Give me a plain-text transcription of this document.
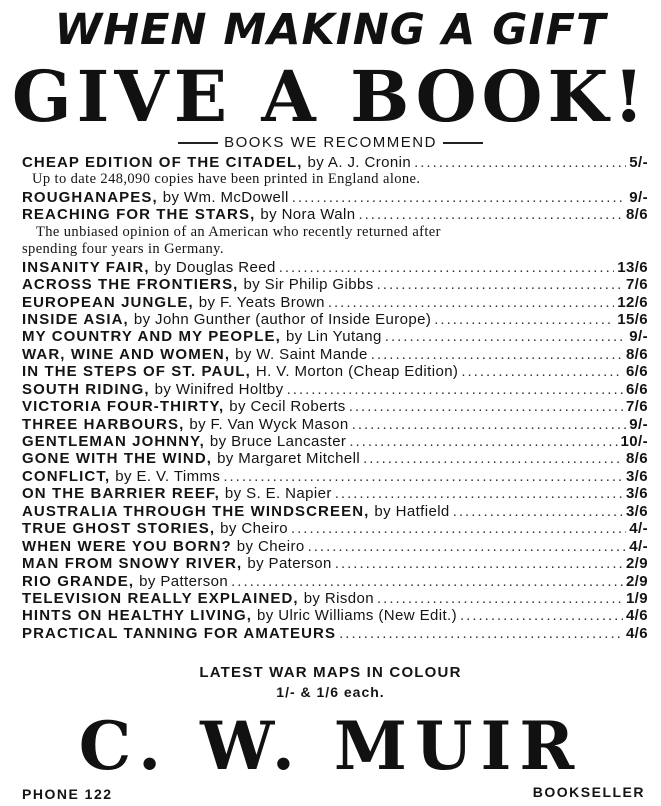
WHEN MAKING A GIFT
GIVE A BOOK!
BOOKS WE RECOMMEND
CHEAP EDITION OF THE CITADEL, by A. J. Cronin .....	5/-
Up to date 248,090 copies have been printed in England alone.
ROUGHANAPES, by Wm. McDowell .....	9/-
REACHING FOR THE STARS, by Nora Waln .....	8/6
The unbiased opinion of an American who recently returned after
spending four years in Germany.
INSANITY FAIR, by Douglas Reed .....	13/6
ACROSS THE FRONTIERS, by Sir Philip Gibbs .....	7/6
EUROPEAN JUNGLE, by F. Yeats Brown .....	12/6
INSIDE ASIA, by John Gunther (author of Inside Europe) .....	15/6
MY COUNTRY AND MY PEOPLE, by Lin Yutang .....	9/-
WAR, WINE AND WOMEN, by W. Saint Mande .....	8/6
IN THE STEPS OF ST. PAUL, H. V. Morton (Cheap Edition) .....	6/6
SOUTH RIDING, by Winifred Holtby .....	6/6
VICTORIA FOUR-THIRTY, by Cecil Roberts .....	7/6
THREE HARBOURS, by F. Van Wyck Mason .....	9/-
GENTLEMAN JOHNNY, by Bruce Lancaster .....	10/-
GONE WITH THE WIND, by Margaret Mitchell .....	8/6
CONFLICT, by E. V. Timms .....	3/6
ON THE BARRIER REEF, by S. E. Napier .....	3/6
AUSTRALIA THROUGH THE WINDSCREEN, by Hatfield .....	3/6
TRUE GHOST STORIES, by Cheiro .....	4/-
WHEN WERE YOU BORN? by Cheiro .....	4/-
MAN FROM SNOWY RIVER, by Paterson .....	2/9
RIO GRANDE, by Patterson .....	2/9
TELEVISION REALLY EXPLAINED, by Risdon .....	1/9
HINTS ON HEALTHY LIVING, by Ulric Williams (New Edit.) .....	4/6
PRACTICAL TANNING FOR AMATEURS .....	4/6
LATEST WAR MAPS IN COLOUR
1/- & 1/6 each.
C. W. MUIR
PHONE 122	BOOKSELLER
